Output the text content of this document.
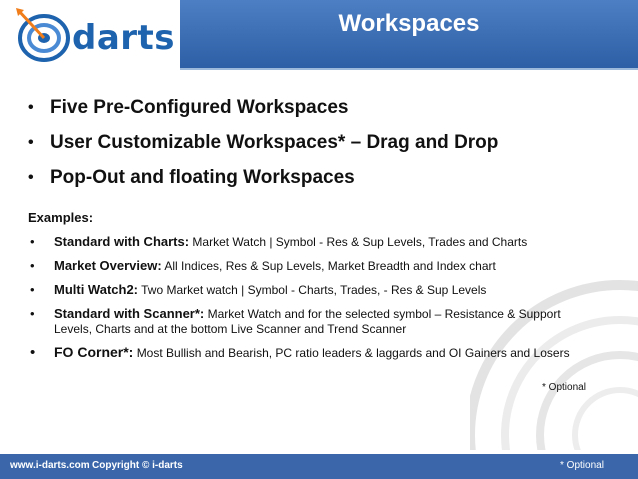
darts	Workspaces
• Five Pre-Configured Workspaces
• User Customizable Workspaces* – Drag and Drop
• Pop-Out and floating Workspaces
Examples:
• Standard with Charts: Market Watch | Symbol - Res & Sup Levels, Trades and Charts
• Market Overview: All Indices, Res & Sup Levels, Market Breadth and Index chart
• Multi Watch2: Two Market watch | Symbol - Charts, Trades, - Res & Sup Levels
• Standard with Scanner*: Market Watch and for the selected symbol – Resistance & Support Levels, Charts and at the bottom Live Scanner and Trend Scanner
• FO Corner*: Most Bullish and Bearish, PC ratio leaders & laggards and OI Gainers and Losers
* Optional
www.i-darts.com Copyright © i-darts	* Optional
